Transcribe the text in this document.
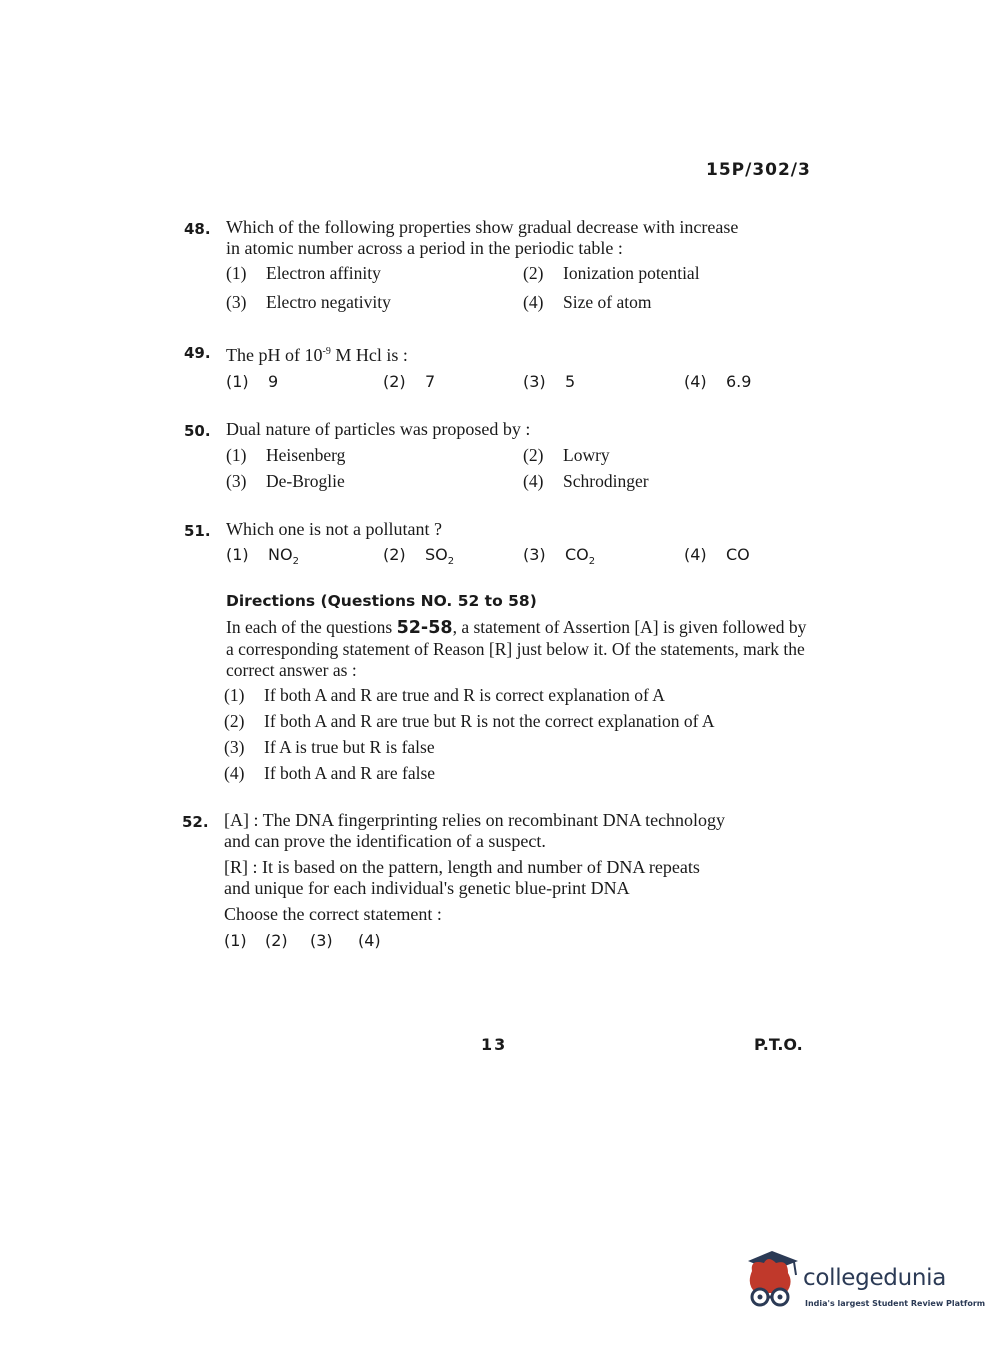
15P/302/3
48. Which of the following properties show gradual decrease with increase
in atomic number across a period in the periodic table :
(1) Electron affinity	(2) Ionization potential
(3) Electro negativity	(4) Size of atom
49. The pH of $10^{-9}$ M Hcl is :
(1) 9	(2) 7	(3) 5	(4) 6.9
50. Dual nature of particles was proposed by :
(1) Heisenberg	(2) Lowry
(3) De-Broglie	(4) Schrodinger
51. Which one is not a pollutant ?
(1) $NO_2$	(2) $SO_2$	(3) $CO_2$	(4) CO
Directions (Questions NO. 52 to 58)
In each of the questions 52-58, a statement of Assertion [A] is given followed by a corresponding statement of Reason [R] just below it. Of the statements, mark the correct answer as :
(1) If both A and R are true and R is correct explanation of A
(2) If both A and R are true but R is not the correct explanation of A
(3) If A is true but R is false
(4) If both A and R are false
52. [A] : The DNA fingerprinting relies on recombinant DNA technology
and can prove the identification of a suspect.
[R] : It is based on the pattern, length and number of DNA repeats
and unique for each individual's genetic blue-print DNA
Choose the correct statement :
(1) (2) (3) (4)
13	P.T.O.
collegedunia
India's largest Student Review Platform
